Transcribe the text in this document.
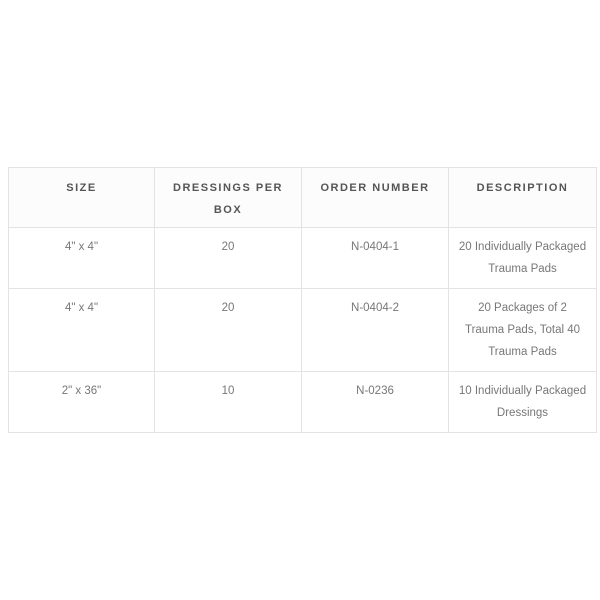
SIZE	DRESSINGS PER BOX	ORDER NUMBER	DESCRIPTION
4" x 4"	20	N-0404-1	20 Individually Packaged Trauma Pads
4" x 4"	20	N-0404-2	20 Packages of 2 Trauma Pads, Total 40 Trauma Pads
2" x 36"	10	N-0236	10 Individually Packaged Dressings
